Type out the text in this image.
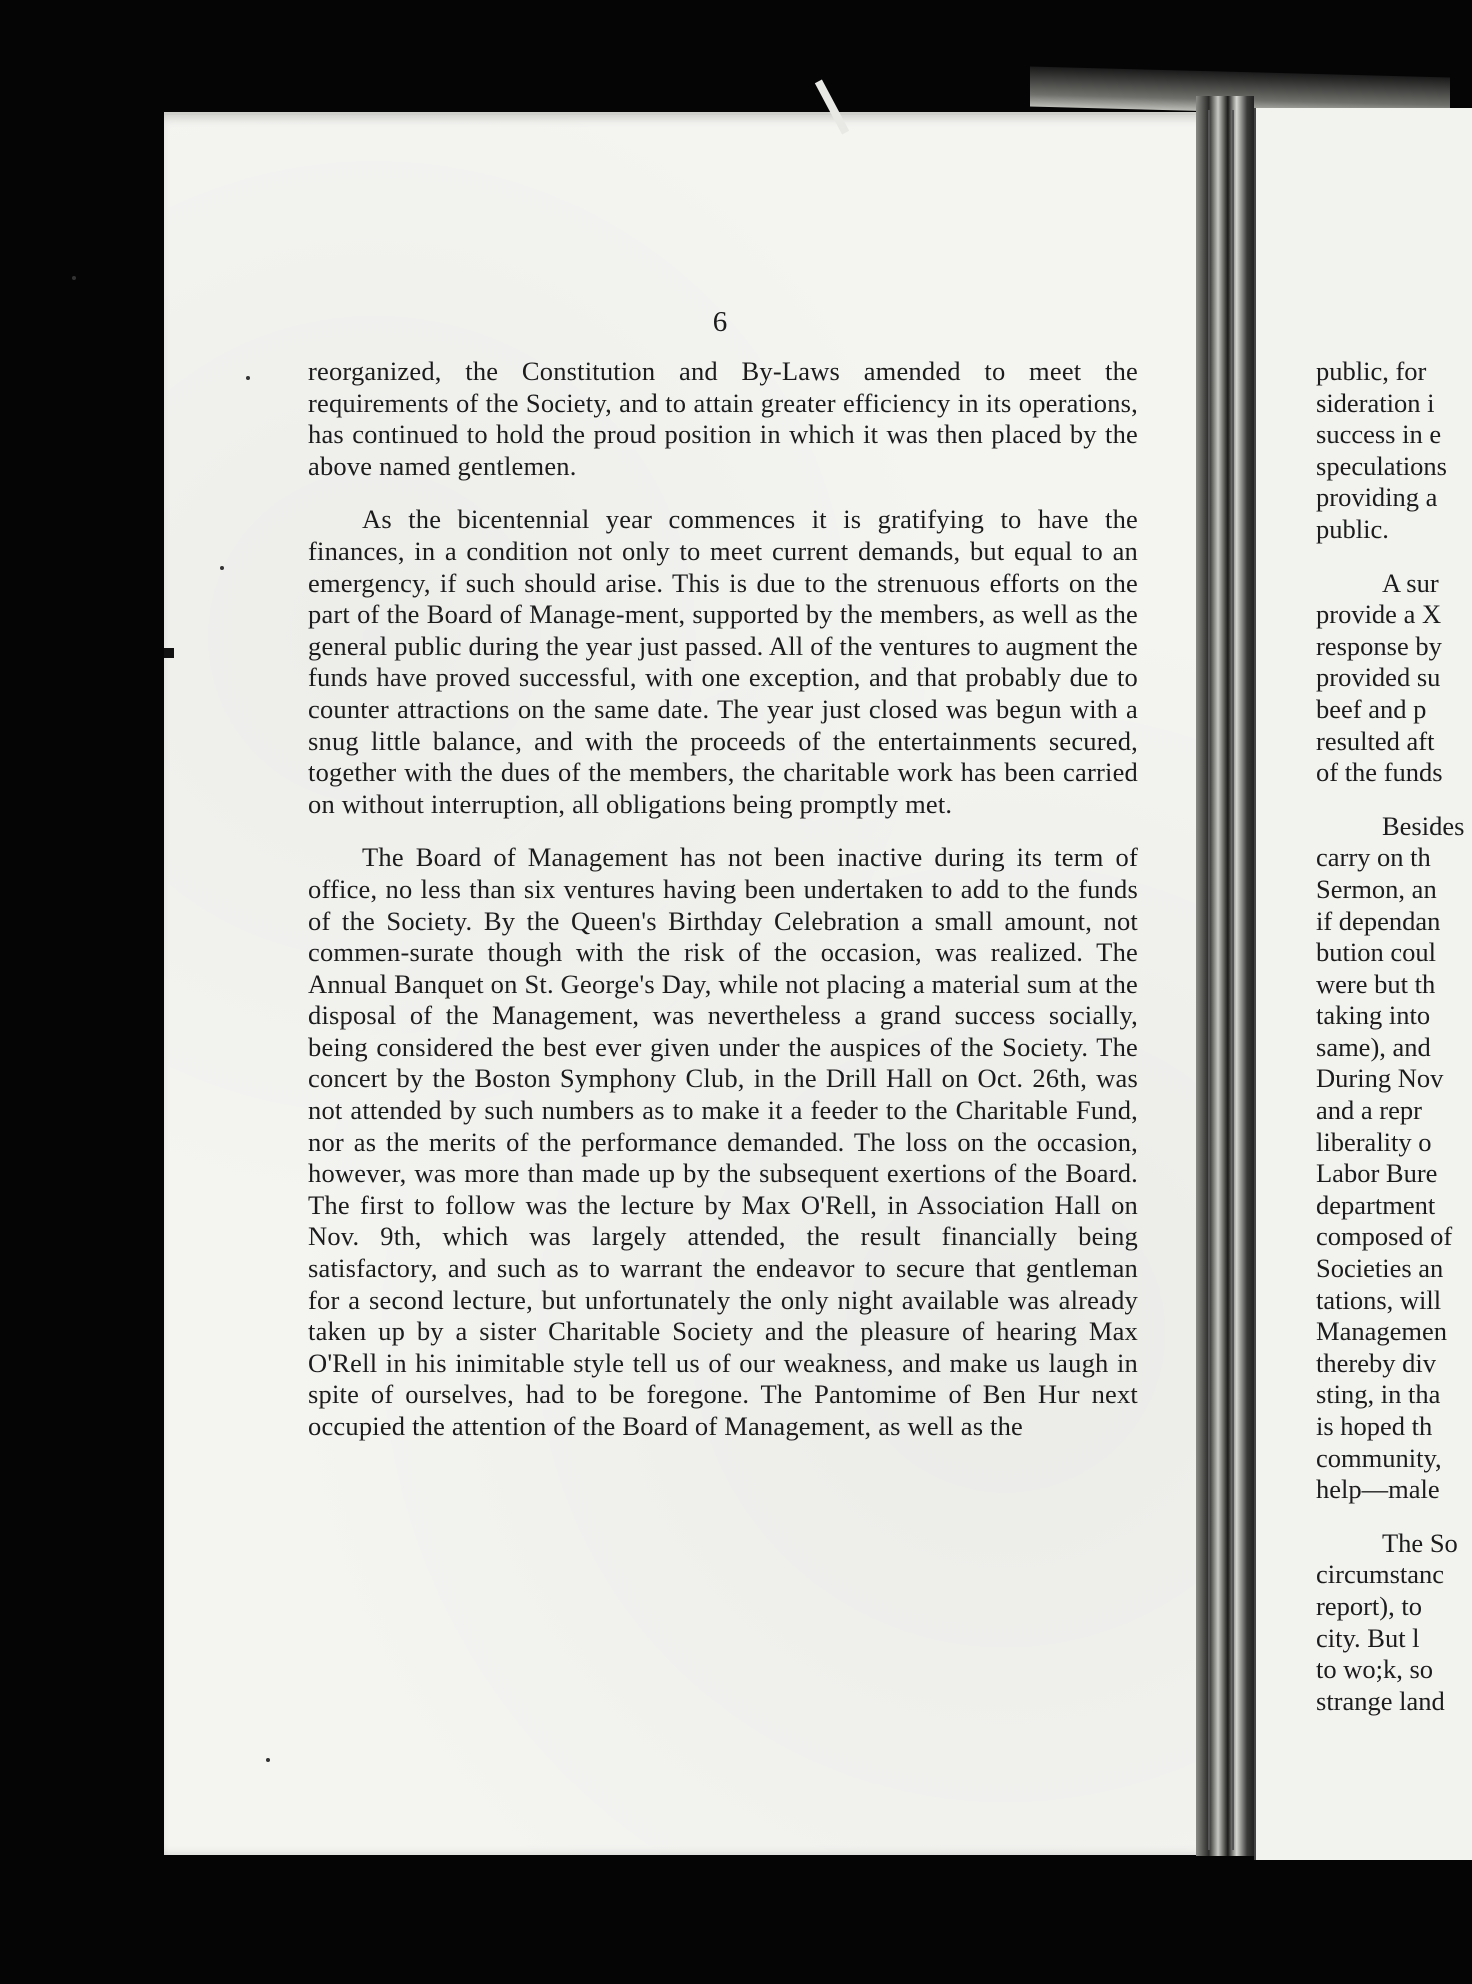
6

reorganized, the Constitution and By-Laws amended to meet the requirements of the Society, and to attain greater efficiency in its operations, has continued to hold the proud position in which it was then placed by the above named gentlemen.

As the bicentennial year commences it is gratifying to have the finances, in a condition not only to meet current demands, but equal to an emergency, if such should arise. This is due to the strenuous efforts on the part of the Board of Manage-ment, supported by the members, as well as the general public during the year just passed. All of the ventures to augment the funds have proved successful, with one exception, and that probably due to counter attractions on the same date. The year just closed was begun with a snug little balance, and with the proceeds of the entertainments secured, together with the dues of the members, the charitable work has been carried on without interruption, all obligations being promptly met.

The Board of Management has not been inactive during its term of office, no less than six ventures having been undertaken to add to the funds of the Society. By the Queen's Birthday Celebration a small amount, not commen-surate though with the risk of the occasion, was realized. The Annual Banquet on St. George's Day, while not placing a material sum at the disposal of the Management, was nevertheless a grand success socially, being considered the best ever given under the auspices of the Society. The concert by the Boston Symphony Club, in the Drill Hall on Oct. 26th, was not attended by such numbers as to make it a feeder to the Charitable Fund, nor as the merits of the performance demanded. The loss on the occasion, however, was more than made up by the subsequent exertions of the Board. The first to follow was the lecture by Max O'Rell, in Association Hall on Nov. 9th, which was largely attended, the result financially being satisfactory, and such as to warrant the endeavor to secure that gentleman for a second lecture, but unfortunately the only night available was already taken up by a sister Charitable Society and the pleasure of hearing Max O'Rell in his inimitable style tell us of our weakness, and make us laugh in spite of ourselves, had to be foregone. The Pantomime of Ben Hur next occupied the attention of the Board of Management, as well as the

public, for
sideration i
success in e
speculations
providing a
public.
A sur
provide a X
response by
provided su
beef and p
resulted aft
of the funds
Besides
carry on th
Sermon, an
if dependan
bution coul
were but th
taking into
same), and
During Nov
and a repr
liberality o
Labor Bure
department
composed of
Societies an
tations, will
Managemen
thereby div
sting, in tha
is hoped th
community,
help—male
The So
circumstanc
report), to
city. But l
to wo;k, so
strange land
